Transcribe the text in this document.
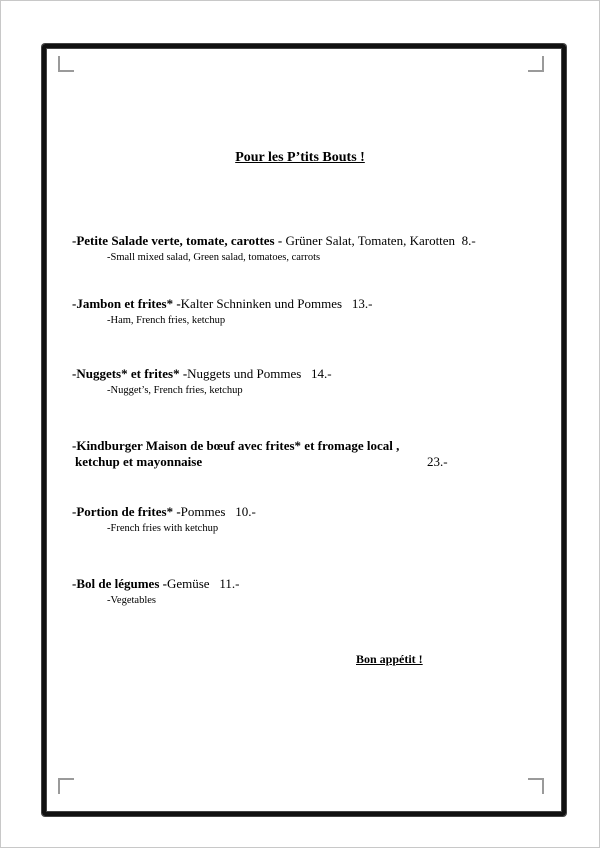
Pour les P’tits Bouts !
-Petite Salade verte, tomate, carottes - Grüner Salat, Tomaten, Karotten 8.-
-Small mixed salad, Green salad, tomatoes, carrots
-Jambon et frites* -Kalter Schninken und Pommes 13.-
-Ham, French fries, ketchup
-Nuggets* et frites* -Nuggets und Pommes 14.-
-Nugget’s, French fries, ketchup
-Kindburger Maison de bœuf avec frites* et fromage local ,
ketchup et mayonnaise	23.-
-Portion de frites* -Pommes 10.-
-French fries with ketchup
-Bol de légumes -Gemüse 11.-
-Vegetables
Bon appétit !
